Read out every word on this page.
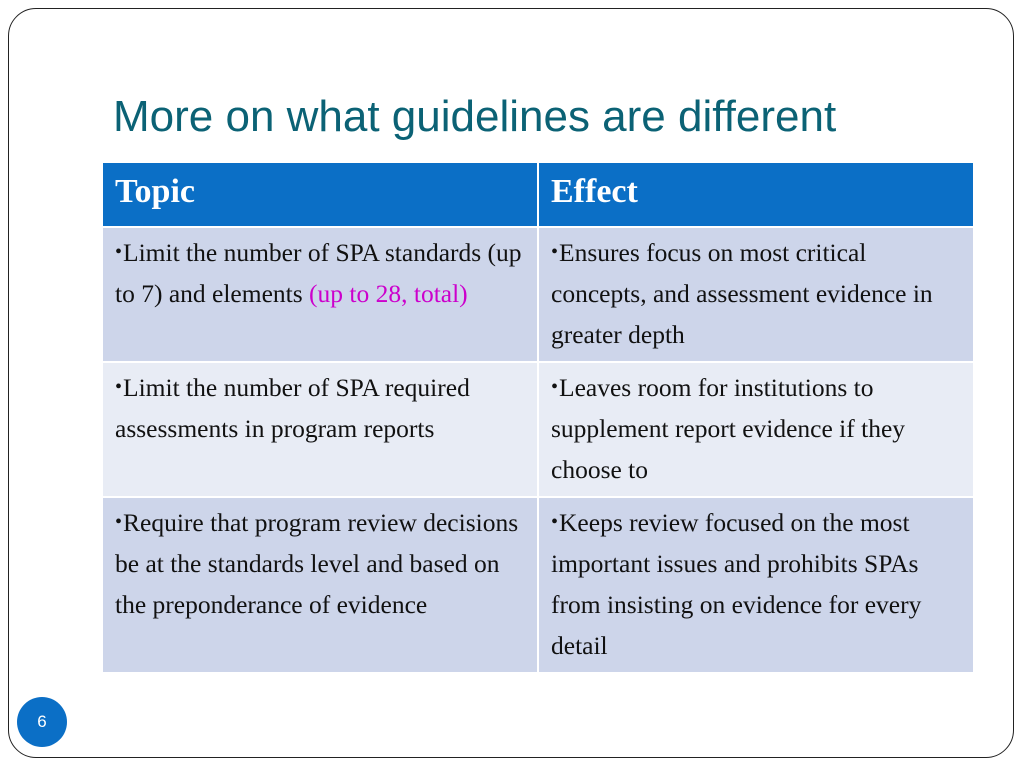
More on what guidelines are different
Topic	Effect
•Limit the number of SPA standards (up to 7) and elements (up to 28, total)	•Ensures focus on most critical concepts, and assessment evidence in greater depth
•Limit the number of SPA required assessments in program reports	•Leaves room for institutions to supplement report evidence if they choose to
•Require that program review decisions be at the standards level and based on the preponderance of evidence	•Keeps review focused on the most important issues and prohibits SPAs from insisting on evidence for every detail
6
